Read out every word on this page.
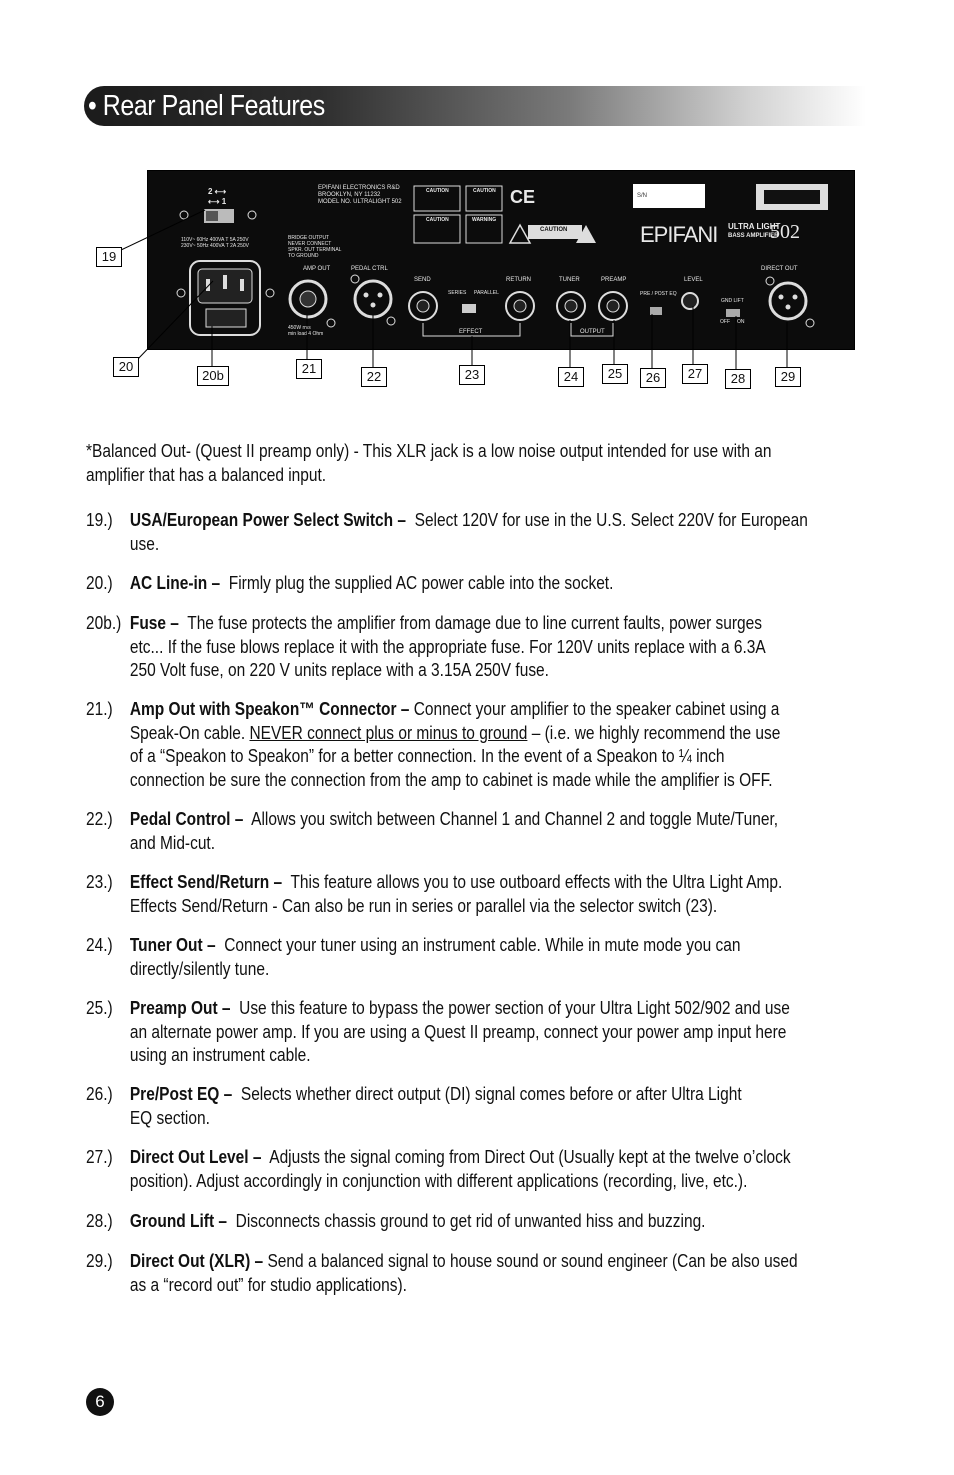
• Rear Panel Features
2 ⟷
⟷ 1
110V~ 60Hz 400VA T 5A 250V
230V~ 50Hz 400VA T 2A 250V
EPIFANI ELECTRONICS R&D
BROOKLYN, NY 11232
MODEL NO. ULTRALIGHT 502
CAUTION	CAUTION
CAUTION	WARNING
CE
CAUTION
S/N
EPIFANI ULTRA LIGHT
BASS AMPLIFIER
502
BRIDGE OUTPUT
NEVER CONNECT
SPKR. OUT TERMINAL
TO GROUND
AMP OUT	PEDAL CTRL
SEND
SERIES PARALLEL
RETURN	TUNER	PREAMP
PRE / POST EQ
LEVEL
GND LIFT
OFF ON
DIRECT OUT
EFFECT	OUTPUT
450W rms
min load 4 Ohm
19
20
20b	21
22	23	24	25	26	27	28	29
*Balanced Out- (Quest II preamp only) - This XLR jack is a low noise output intended for use with an
amplifier that has a balanced input.
19.) USA/European Power Select Switch – Select 120V for use in the U.S. Select 220V for European
use.
20.) AC Line-in – Firmly plug the supplied AC power cable into the socket.
20b.) Fuse – The fuse protects the amplifier from damage due to line current faults, power surges
etc... If the fuse blows replace it with the appropriate fuse. For 120V units replace with a 6.3A
250 Volt fuse, on 220 V units replace with a 3.15A 250V fuse.
21.) Amp Out with Speakon™ Connector – Connect your amplifier to the speaker cabinet using a
Speak-On cable. NEVER connect plus or minus to ground – (i.e. we highly recommend the use
of a “Speakon to Speakon” for a better connection. In the event of a Speakon to ¼ inch
connection be sure the connection from the amp to cabinet is made while the amplifier is OFF.
22.) Pedal Control – Allows you switch between Channel 1 and Channel 2 and toggle Mute/Tuner,
and Mid-cut.
23.) Effect Send/Return – This feature allows you to use outboard effects with the Ultra Light Amp.
Effects Send/Return - Can also be run in series or parallel via the selector switch (23).
24.) Tuner Out – Connect your tuner using an instrument cable. While in mute mode you can
directly/silently tune.
25.) Preamp Out – Use this feature to bypass the power section of your Ultra Light 502/902 and use
an alternate power amp. If you are using a Quest II preamp, connect your power amp input here
using an instrument cable.
26.) Pre/Post EQ – Selects whether direct output (DI) signal comes before or after Ultra Light
EQ section.
27.) Direct Out Level – Adjusts the signal coming from Direct Out (Usually kept at the twelve o’clock
position). Adjust accordingly in conjunction with different applications (recording, live, etc.).
28.) Ground Lift – Disconnects chassis ground to get rid of unwanted hiss and buzzing.
29.) Direct Out (XLR) – Send a balanced signal to house sound or sound engineer (Can be also used
as a “record out” for studio applications).
6
